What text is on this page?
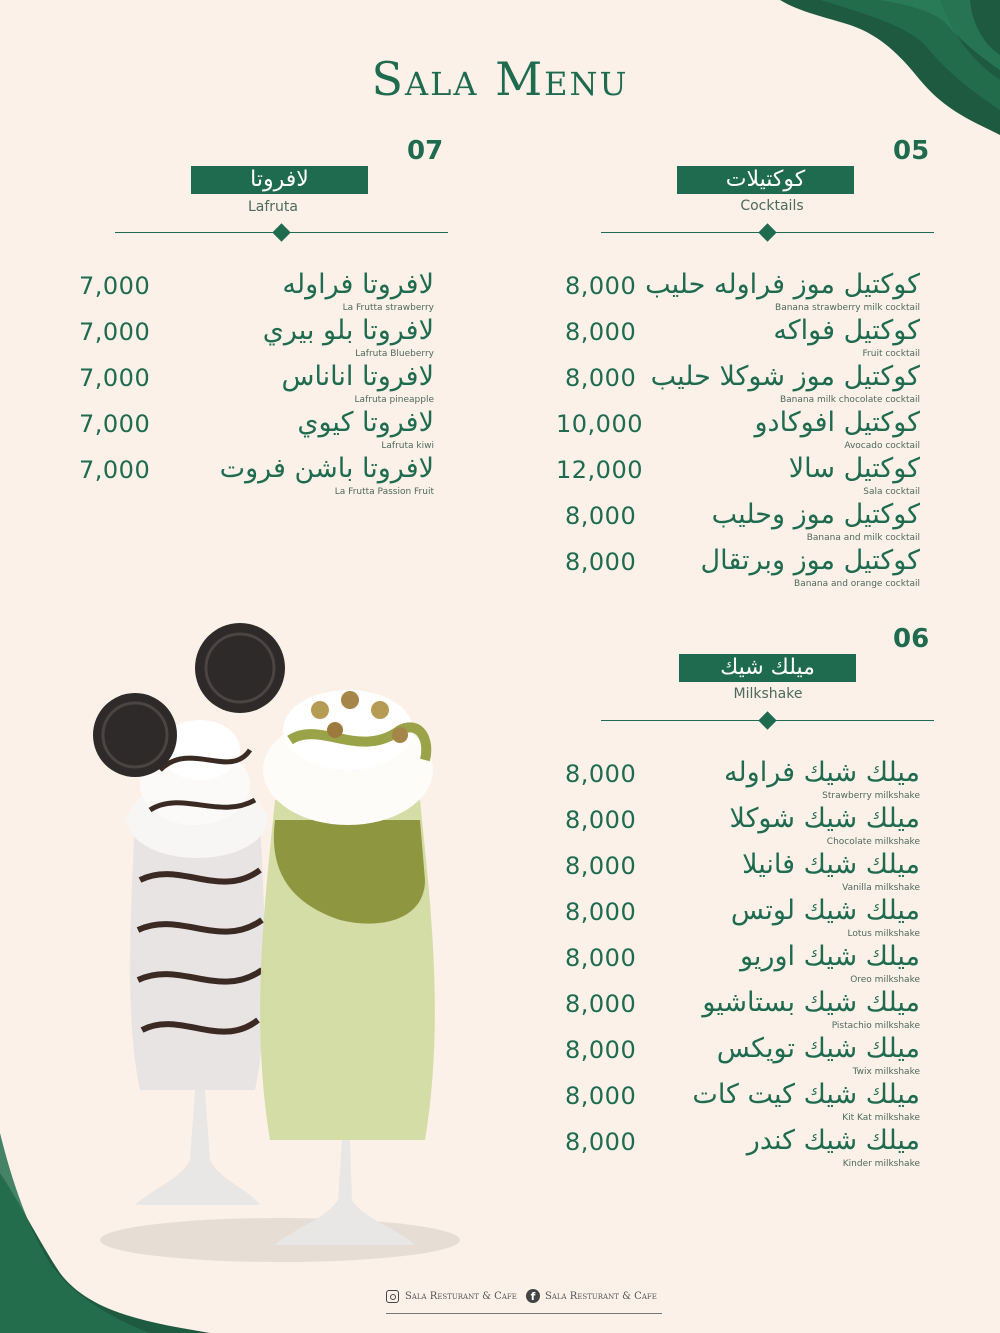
Sala Menu
07
لافروتا
Lafruta
لافروتا فراوله
La Frutta strawberry
7,000
لافروتا بلو بيري
Lafruta Blueberry
7,000
لافروتا اناناس
Lafruta pineapple
7,000
لافروتا كيوي
Lafruta kiwi
7,000
لافروتا باشن فروت
La Frutta Passion Fruit
7,000
05
كوكتيلات
Cocktails
كوكتيل موز فراوله حليب
Banana strawberry milk cocktail
8,000
كوكتيل فواكه
Fruit cocktail
8,000
كوكتيل موز شوكلا حليب
Banana milk chocolate cocktail
8,000
كوكتيل افوكادو
Avocado cocktail
10,000
كوكتيل سالا
Sala cocktail
12,000
كوكتيل موز وحليب
Banana and milk cocktail
8,000
كوكتيل موز وبرتقال
Banana and orange cocktail
8,000
06
ميلك شيك
Milkshake
ميلك شيك فراوله
Strawberry milkshake
8,000
ميلك شيك شوكلا
Chocolate milkshake
8,000
ميلك شيك فانيلا
Vanilla milkshake
8,000
ميلك شيك لوتس
Lotus milkshake
8,000
ميلك شيك اوريو
Oreo milkshake
8,000
ميلك شيك بستاشيو
Pistachio milkshake
8,000
ميلك شيك تويكس
Twix milkshake
8,000
ميلك شيك كيت كات
Kit Kat milkshake
8,000
ميلك شيك كندر
Kinder milkshake
8,000
Sala Resturant & Cafe	f Sala Resturant & Cafe
